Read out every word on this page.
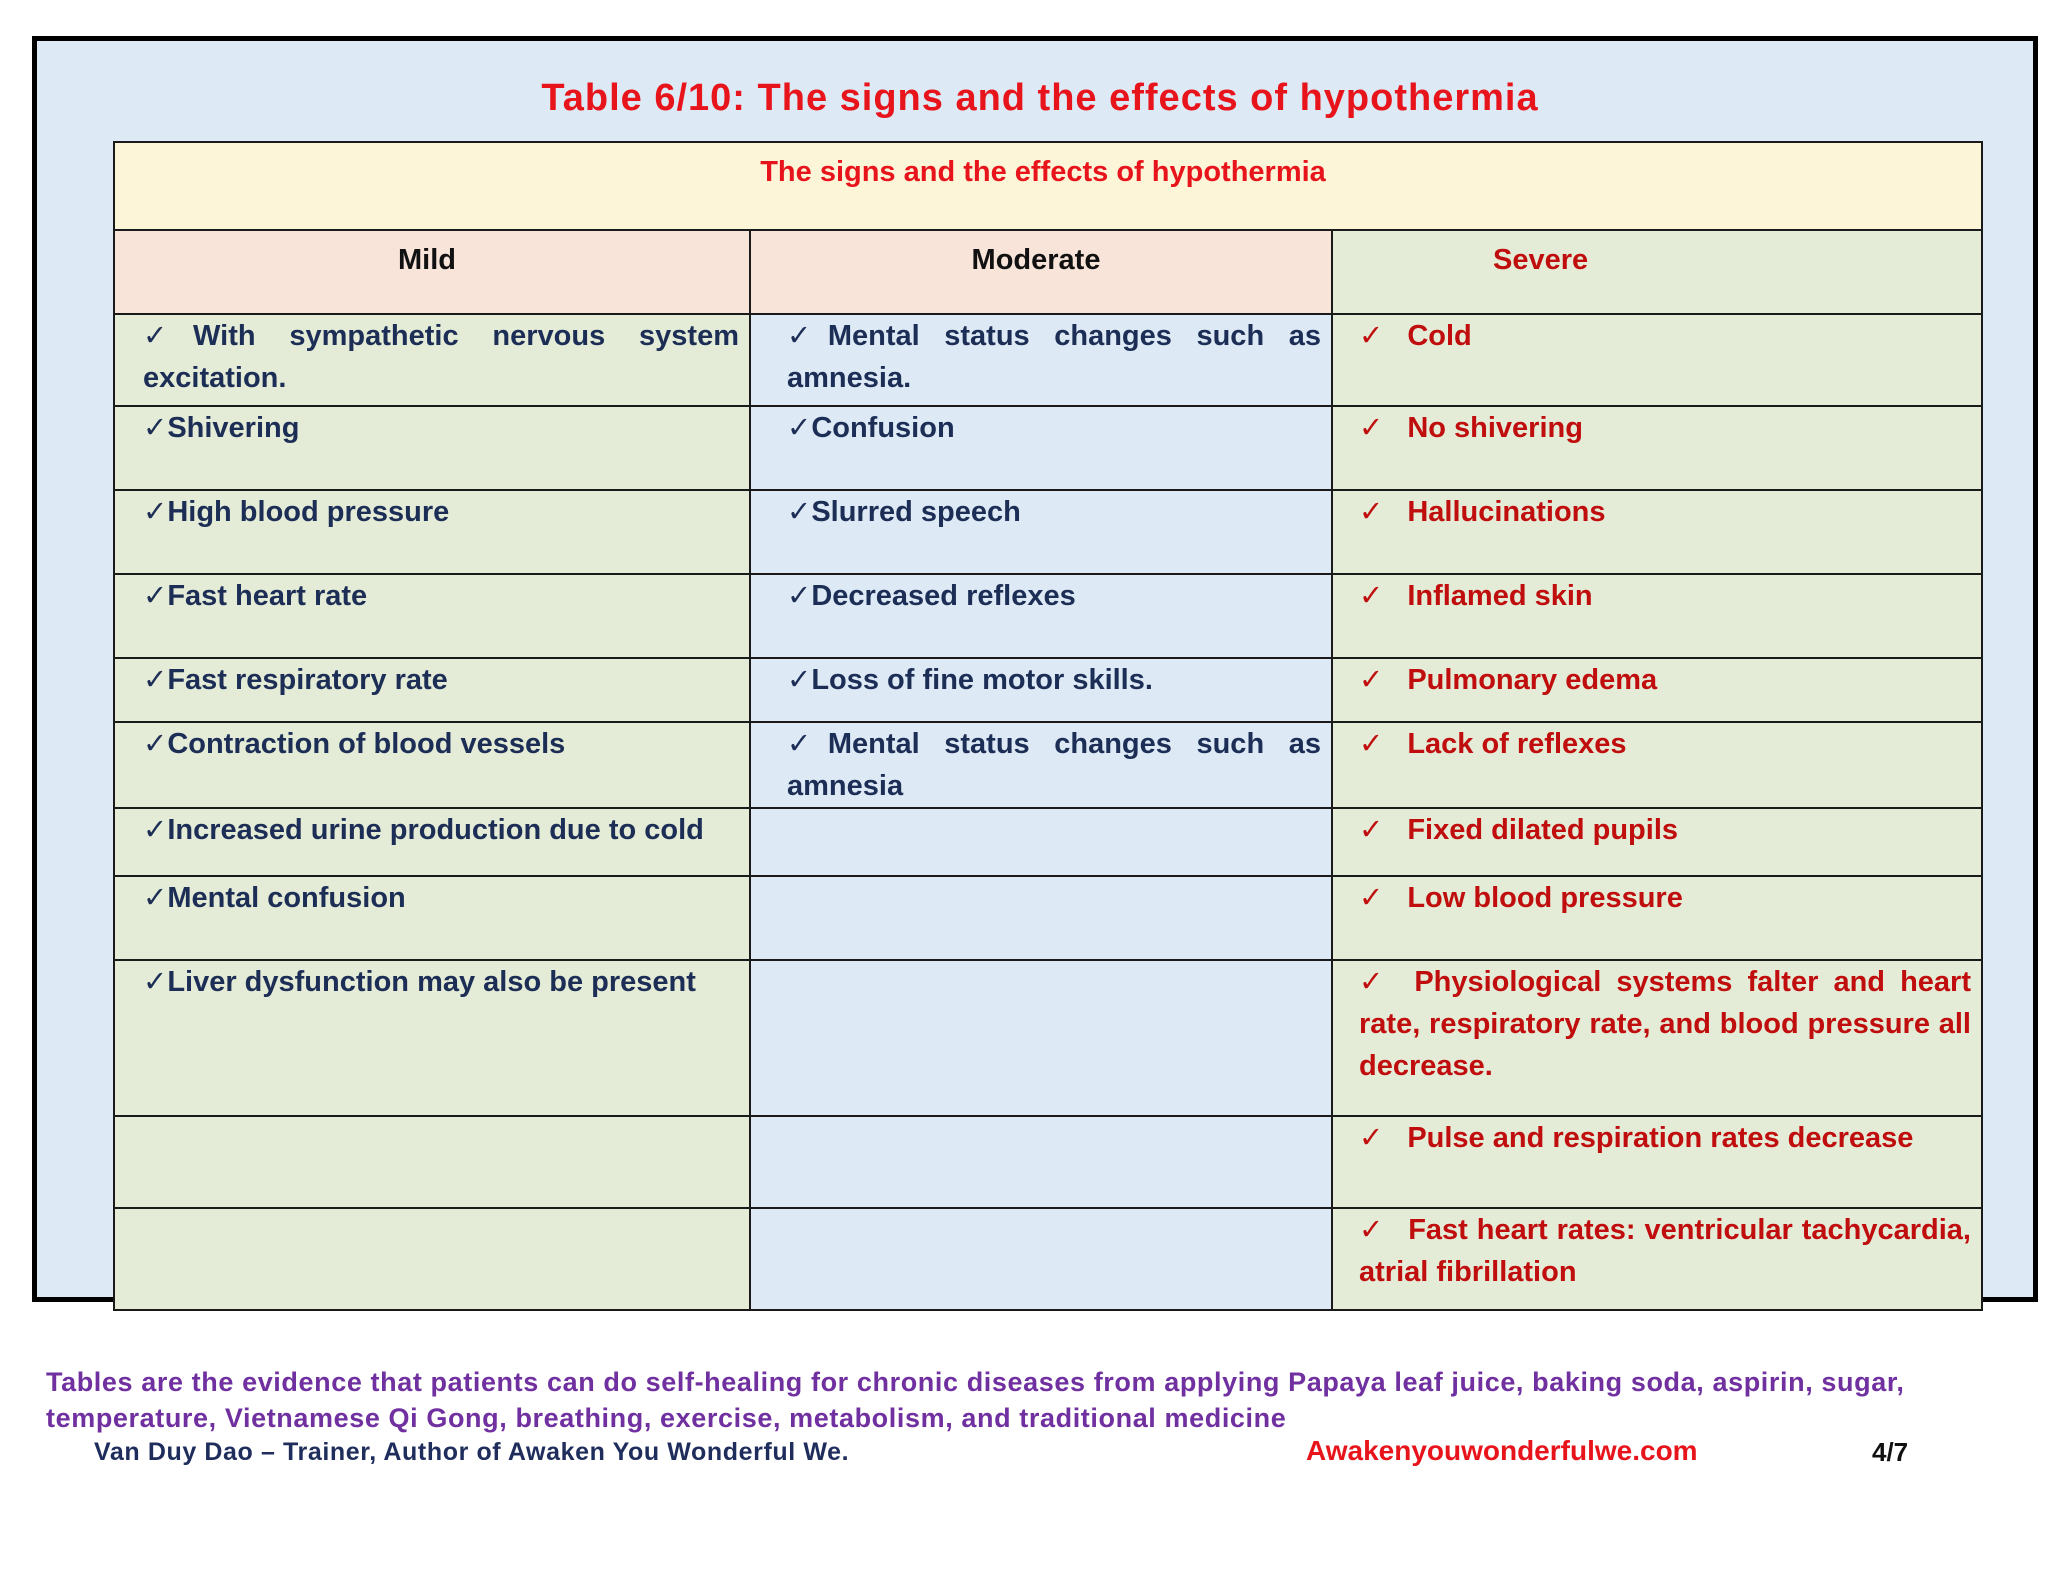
Table 6/10: The signs and the effects of hypothermia
The signs and the effects of hypothermia		
Mild	Moderate	Severe
✓With sympathetic nervous system excitation.	✓Mental status changes such as amnesia.	✓ Cold
✓Shivering	✓Confusion	✓ No shivering
✓High blood pressure	✓Slurred speech	✓ Hallucinations
✓Fast heart rate	✓Decreased reflexes	✓ Inflamed skin
✓Fast respiratory rate	✓Loss of fine motor skills.	✓ Pulmonary edema
✓Contraction of blood vessels	✓Mental status changes such as amnesia	✓ Lack of reflexes
✓Increased urine production due to cold		✓ Fixed dilated pupils
✓Mental confusion		✓ Low blood pressure
✓Liver dysfunction may also be present		✓ Physiological systems falter and heart rate, respiratory rate, and blood pressure all decrease.
		✓ Pulse and respiration rates decrease
		✓ Fast heart rates: ventricular tachycardia, atrial fibrillation
Tables are the evidence that patients can do self-healing for chronic diseases from applying Papaya leaf juice, baking soda, aspirin, sugar, temperature, Vietnamese Qi Gong, breathing, exercise, metabolism, and traditional medicine
Van Duy Dao – Trainer, Author of Awaken You Wonderful We.	Awakenyouwonderfulwe.com	4/7
